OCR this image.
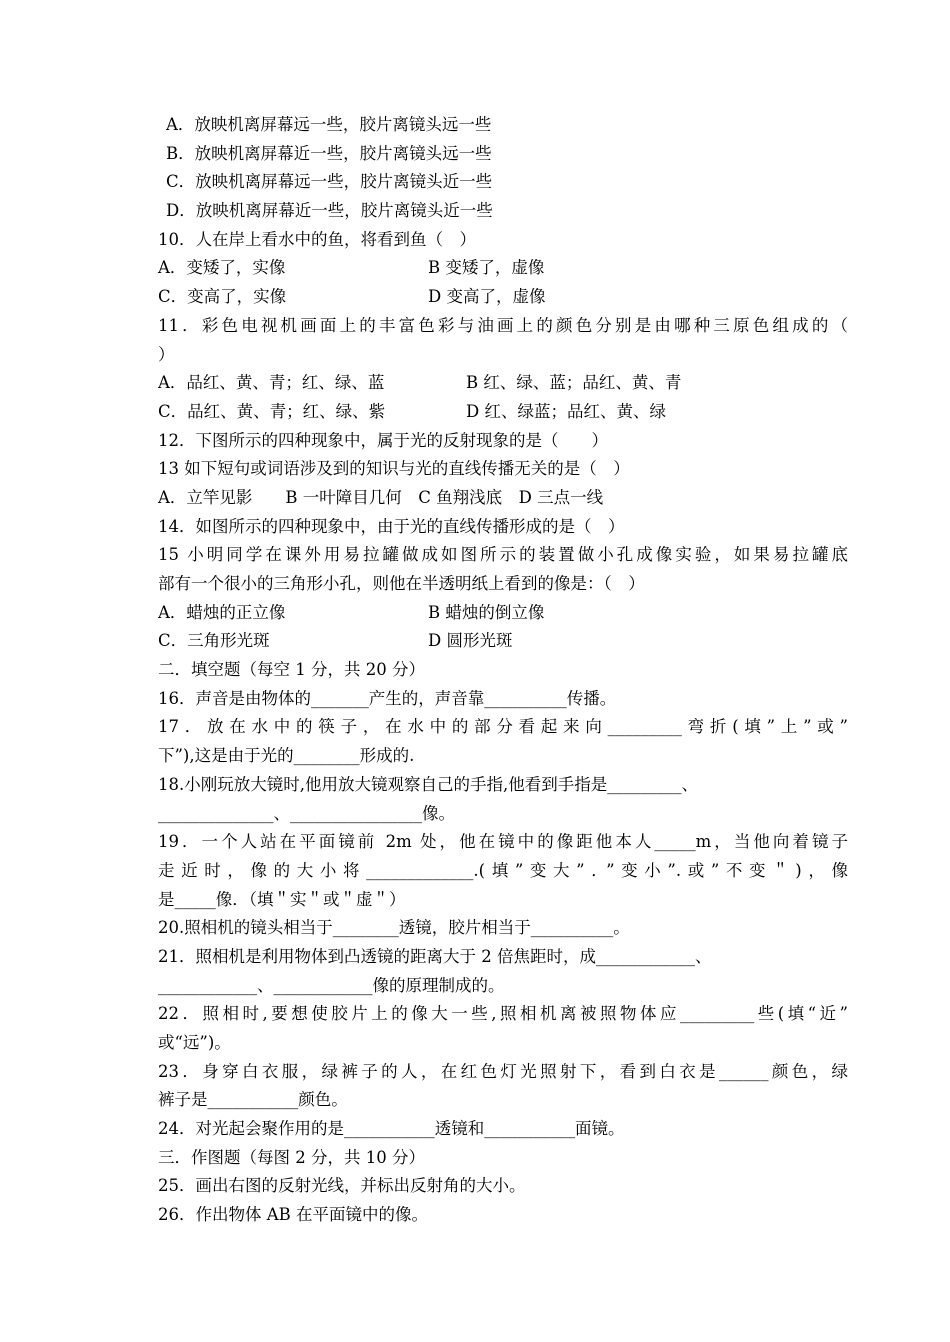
A．放映机离屏幕远一些，胶片离镜头远一些
B．放映机离屏幕近一些，胶片离镜头远一些
C．放映机离屏幕远一些，胶片离镜头近一些
D．放映机离屏幕近一些，胶片离镜头近一些
10．人在岸上看水中的鱼，将看到鱼（　）
A．变矮了，实像	B 变矮了，虚像
C．变高了，实像	D 变高了，虚像
11．彩色电视机画面上的丰富色彩与油画上的颜色分别是由哪种三原色组成的（
）
A．品红、黄、青；红、绿、蓝	B 红、绿、蓝；品红、黄、青
C．品红、黄、青；红、绿、紫	D 红、绿蓝；品红、黄、绿
12．下图所示的四种现象中，属于光的反射现象的是（　　）
13 如下短句或词语涉及到的知识与光的直线传播无关的是（　）
A．立竿见影　　B 一叶障目几何　C 鱼翔浅底　D 三点一线
14．如图所示的四种现象中，由于光的直线传播形成的是（　）
15 小明同学在课外用易拉罐做成如图所示的装置做小孔成像实验，如果易拉罐底
部有一个很小的三角形小孔，则他在半透明纸上看到的像是：（　）
A．蜡烛的正立像	B 蜡烛的倒立像
C．三角形光斑	D 圆形光斑
二．填空题（每空 1 分，共 20 分）
16．声音是由物体的_______产生的，声音靠__________传播。
17．放在水中的筷子，在水中的部分看起来向_________弯折(填”上”或”
下”),这是由于光的________形成的.
18.小刚玩放大镜时,他用放大镜观察自己的手指,他看到手指是_________、
______________、________________像。
19．一个人站在平面镜前 2m 处，他在镜中的像距他本人_____m，当他向着镜子
走近时，像的大小将_____________.(填”变大”．”变小”.或”不变＂)，像
是_____像．（填＂实＂或＂虚＂）
20.照相机的镜头相当于________透镜，胶片相当于__________。
21．照相机是利用物体到凸透镜的距离大于 2 倍焦距时，成____________、
____________、____________像的原理制成的。
22．照相时,要想使胶片上的像大一些,照相机离被照物体应_________些(填“近”
或“远”)。
23．身穿白衣服，绿裤子的人，在红色灯光照射下，看到白衣是______颜色，绿
裤子是___________颜色。
24．对光起会聚作用的是___________透镜和___________面镜。
三．作图题（每图 2 分，共 10 分）
25．画出右图的反射光线，并标出反射角的大小。
26．作出物体 AB 在平面镜中的像。
